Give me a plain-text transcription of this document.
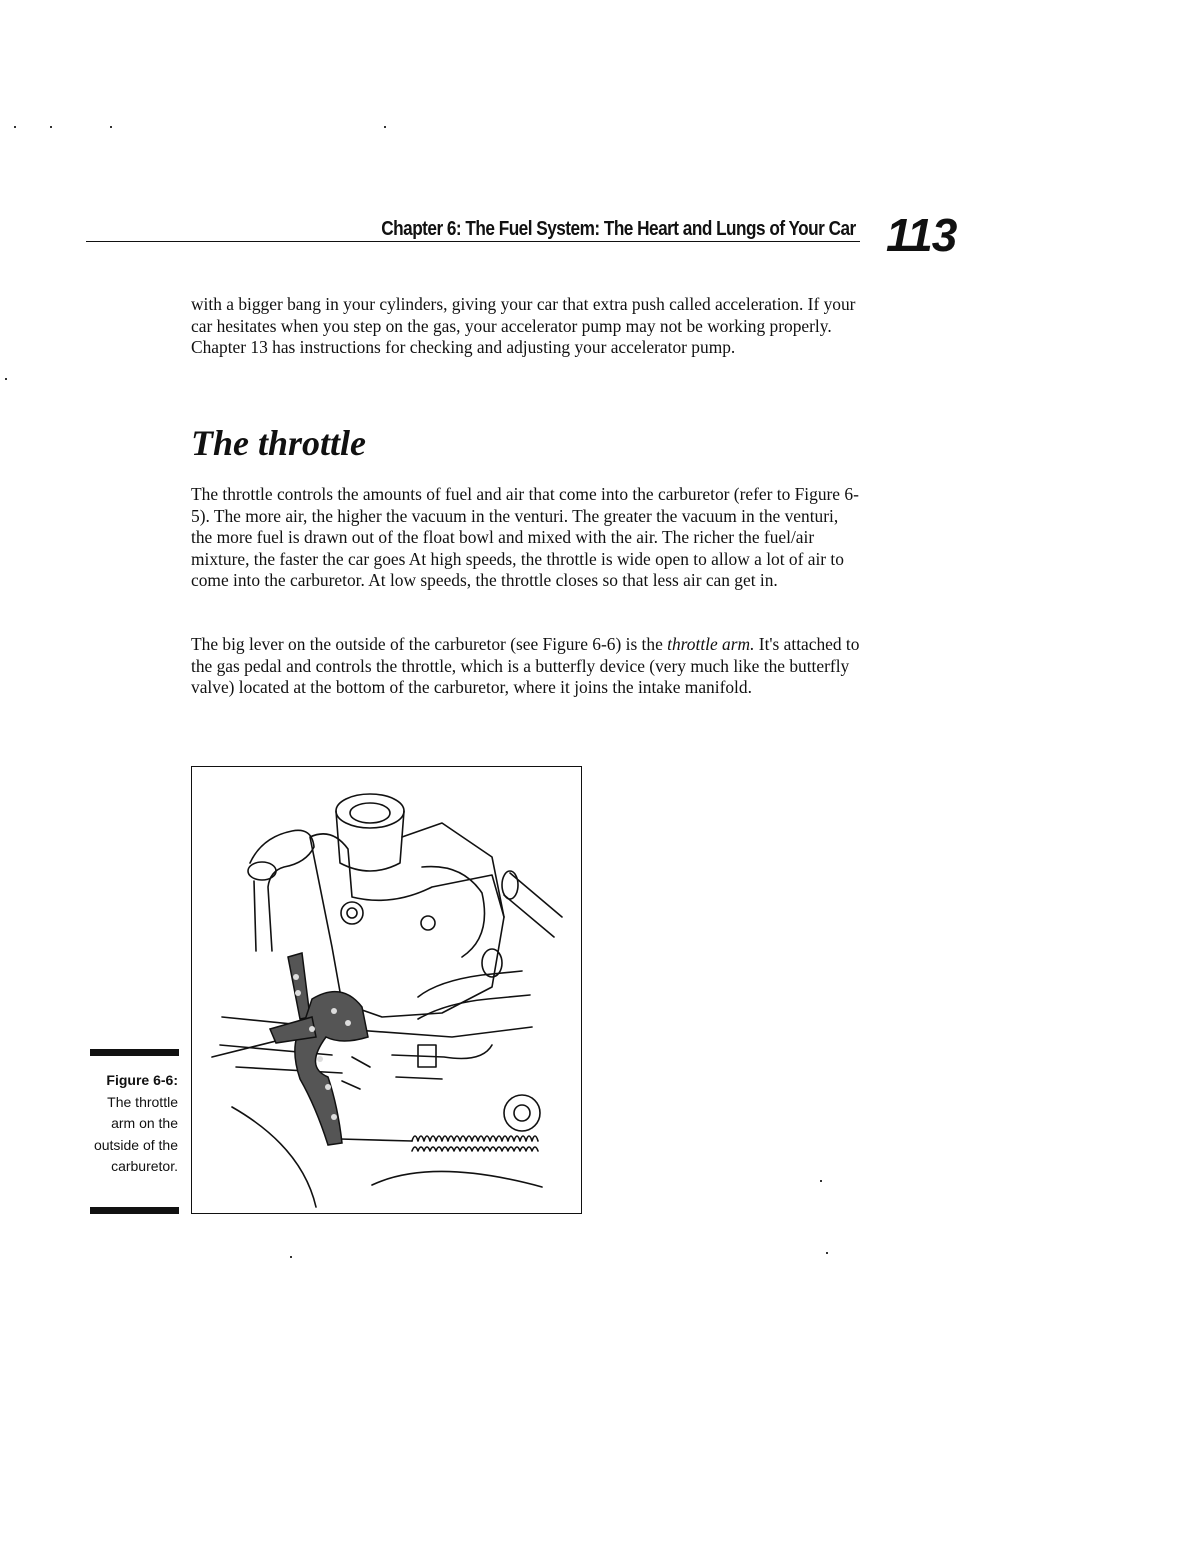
Chapter 6: The Fuel System: The Heart and Lungs of Your Car 113

with a bigger bang in your cylinders, giving your car that extra push called acceleration. If your car hesitates when you step on the gas, your accelerator pump may not be working properly. Chapter 13 has instructions for checking and adjusting your accelerator pump.

The throttle

The throttle controls the amounts of fuel and air that come into the carburetor (refer to Figure 6-5). The more air, the higher the vacuum in the venturi. The greater the vacuum in the venturi, the more fuel is drawn out of the float bowl and mixed with the air. The richer the fuel/air mixture, the faster the car goes At high speeds, the throttle is wide open to allow a lot of air to come into the carburetor. At low speeds, the throttle closes so that less air can get in.

The big lever on the outside of the carburetor (see Figure 6-6) is the throttle arm. It's attached to the gas pedal and controls the throttle, which is a butterfly device (very much like the butterfly valve) located at the bottom of the carburetor, where it joins the intake manifold.

Figure 6-6:
The throttle arm on the outside of the carburetor.
